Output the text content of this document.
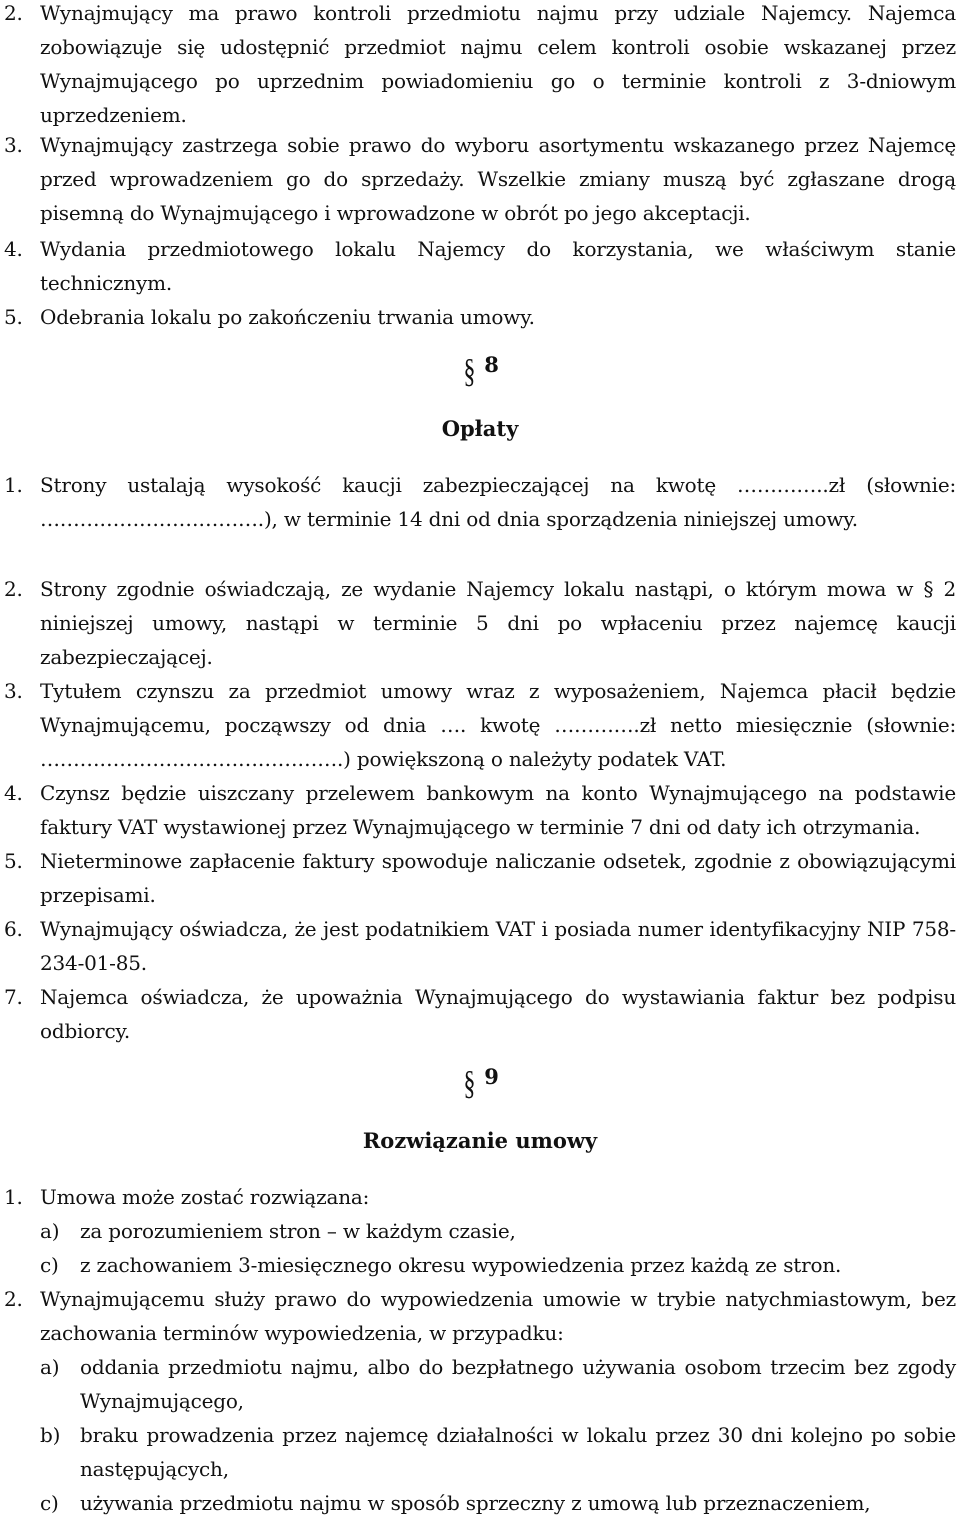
2. Wynajmujący ma prawo kontroli przedmiotu najmu przy udziale Najemcy. Najemca zobowiązuje się udostępnić przedmiot najmu celem kontroli osobie wskazanej przez Wynajmującego po uprzednim powiadomieniu go o terminie kontroli z 3-dniowym uprzedzeniem.
3. Wynajmujący zastrzega sobie prawo do wyboru asortymentu wskazanego przez Najemcę przed wprowadzeniem go do sprzedaży. Wszelkie zmiany muszą być zgłaszane drogą pisemną do Wynajmującego i wprowadzone w obrót po jego akceptacji.
4. Wydania przedmiotowego lokalu Najemcy do korzystania, we właściwym stanie technicznym.
5. Odebrania lokalu po zakończeniu trwania umowy.
§ 8
Opłaty
1. Strony ustalają wysokość kaucji zabezpieczającej na kwotę …………..zł (słownie: …………………………….), w terminie 14 dni od dnia sporządzenia niniejszej umowy.
2. Strony zgodnie oświadczają, ze wydanie Najemcy lokalu nastąpi, o którym mowa w § 2 niniejszej umowy, nastąpi w terminie 5 dni po wpłaceniu przez najemcę kaucji zabezpieczającej.
3. Tytułem czynszu za przedmiot umowy wraz z wyposażeniem, Najemca płacił będzie Wynajmującemu, począwszy od dnia …. kwotę ………….zł netto miesięcznie (słownie: ……………………………………….) powiększoną o należyty podatek VAT.
4. Czynsz będzie uiszczany przelewem bankowym na konto Wynajmującego na podstawie faktury VAT wystawionej przez Wynajmującego w terminie 7 dni od daty ich otrzymania.
5. Nieterminowe zapłacenie faktury spowoduje naliczanie odsetek, zgodnie z obowiązującymi przepisami.
6. Wynajmujący oświadcza, że jest podatnikiem VAT i posiada numer identyfikacyjny NIP 758-234-01-85.
7. Najemca oświadcza, że upoważnia Wynajmującego do wystawiania faktur bez podpisu odbiorcy.
§ 9
Rozwiązanie umowy
1. Umowa może zostać rozwiązana:
a)	za porozumieniem stron – w każdym czasie,
c)	z zachowaniem 3-miesięcznego okresu wypowiedzenia przez każdą ze stron.
2. Wynajmującemu służy prawo do wypowiedzenia umowie w trybie natychmiastowym, bez zachowania terminów wypowiedzenia, w przypadku:
a)	oddania przedmiotu najmu, albo do bezpłatnego używania osobom trzecim bez zgody Wynajmującego,
b) braku prowadzenia przez najemcę działalności w lokalu przez 30 dni kolejno po sobie następujących,
c)	używania przedmiotu najmu w sposób sprzeczny z umową lub przeznaczeniem,
